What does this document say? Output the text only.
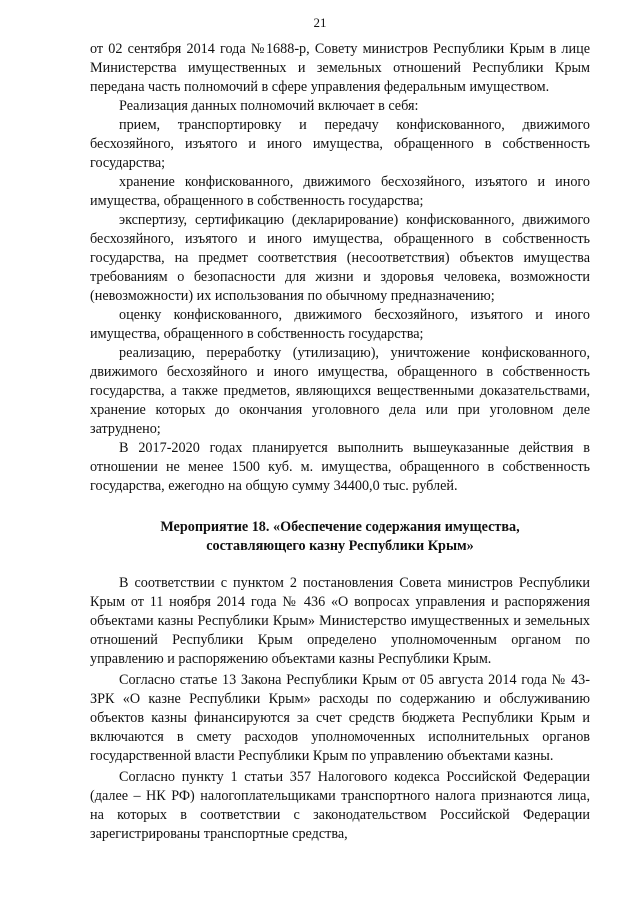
21

от 02 сентября 2014 года №1688-р, Совету министров Республики Крым в лице Министерства имущественных и земельных отношений Республики Крым передана часть полномочий в сфере управления федеральным имуществом.

Реализация данных полномочий включает в себя:

прием, транспортировку и передачу конфискованного, движимого бесхозяйного, изъятого и иного имущества, обращенного в собственность государства;

хранение конфискованного, движимого бесхозяйного, изъятого и иного имущества, обращенного в собственность государства;

экспертизу, сертификацию (декларирование) конфискованного, движимого бесхозяйного, изъятого и иного имущества, обращенного в собственность государства, на предмет соответствия (несоответствия) объектов имущества требованиям о безопасности для жизни и здоровья человека, возможности (невозможности) их использования по обычному предназначению;

оценку конфискованного, движимого бесхозяйного, изъятого и иного имущества, обращенного в собственность государства;

реализацию, переработку (утилизацию), уничтожение конфискованного, движимого бесхозяйного и иного имущества, обращенного в собственность государства, а также предметов, являющихся вещественными доказательствами, хранение которых до окончания уголовного дела или при уголовном деле затруднено;

В 2017-2020 годах планируется выполнить вышеуказанные действия в отношении не менее 1500 куб. м. имущества, обращенного в собственность государства, ежегодно на общую сумму 34400,0 тыс. рублей.

Мероприятие 18. «Обеспечение содержания имущества,
составляющего казну Республики Крым»

В соответствии с пунктом 2 постановления Совета министров Республики Крым от 11 ноября 2014 года № 436 «О вопросах управления и распоряжения объектами казны Республики Крым» Министерство имущественных и земельных отношений Республики Крым определено уполномоченным органом по управлению и распоряжению объектами казны Республики Крым.

Согласно статье 13 Закона Республики Крым от 05 августа 2014 года № 43-ЗРК «О казне Республики Крым» расходы по содержанию и обслуживанию объектов казны финансируются за счет средств бюджета Республики Крым и включаются в смету расходов уполномоченных исполнительных органов государственной власти Республики Крым по управлению объектами казны.

Согласно пункту 1 статьи 357 Налогового кодекса Российской Федерации (далее – НК РФ) налогоплательщиками транспортного налога признаются лица, на которых в соответствии с законодательством Российской Федерации зарегистрированы транспортные средства,
